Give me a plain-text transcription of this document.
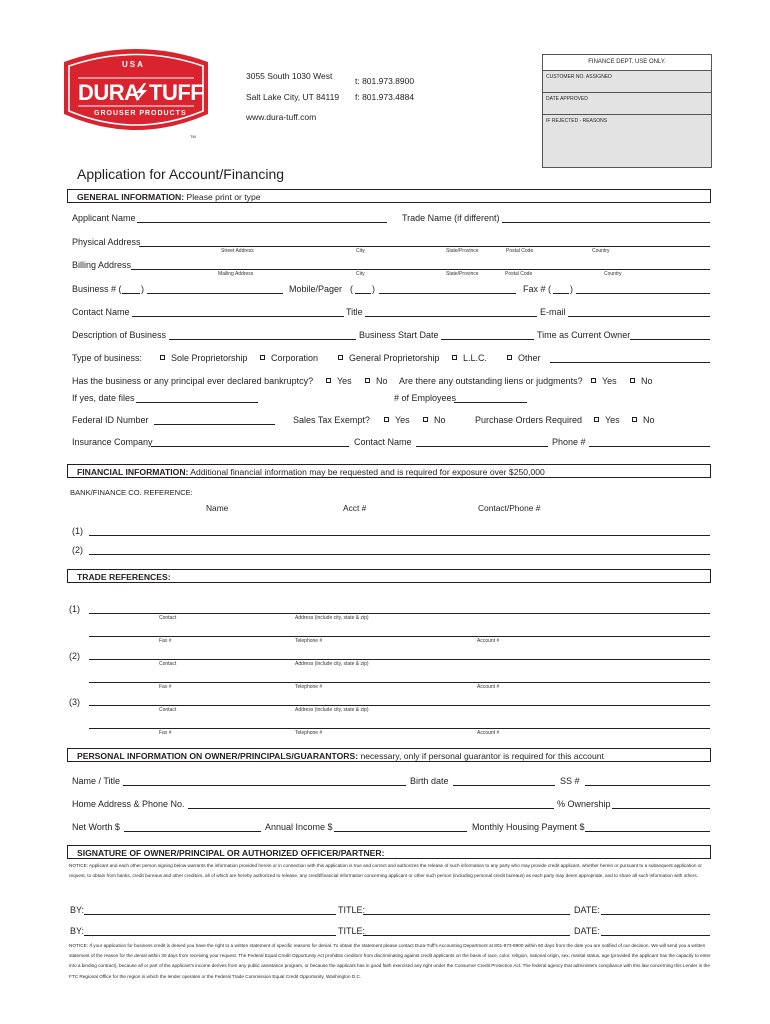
USA
DURA TUFF
GROUSER PRODUCTS
TM
3055 South 1030 West
Salt Lake City, UT 84119
www.dura-tuff.com
t: 801.973.8900
f: 801.973.4884
FINANCE DEPT. USE ONLY.
CUSTOMER NO. ASSIGNED
DATE APPROVED
IF REJECTED - REASONS
Application for Account/Financing
GENERAL INFORMATION: Please print or type
Applicant Name	Trade Name (if different)
Physical Address
Street Address	City	State/Province	Postal Code	Country
Billing Address
Mailing Address	City	State/Province	Postal Code	Country
Business # ( )	Mobile/Pager ( )	Fax # ( )
Contact Name	Title	E-mail
Description of Business	Business Start Date	Time as Current Owner
Type of business:	Sole Proprietorship	Corporation	General Proprietorship	L.L.C.	Other
Has the business or any principal ever declared bankruptcy?	Yes	No Are there any outstanding liens or judgments?	Yes	No
If yes, date files	# of Employees
Federal ID Number	Sales Tax Exempt?	Yes	No	Purchase Orders Required	Yes	No
Insurance Company	Contact Name	Phone #
FINANCIAL INFORMATION: Additional financial information may be requested and is required for exposure over $250,000
BANK/FINANCE CO. REFERENCE:
Name	Acct #	Contact/Phone #
(1)
(2)
TRADE REFERENCES:
(1)
Contact	Address (include city, state & zip)
Fax #	Telephone #	Account #
(2)
Contact	Address (include city, state & zip)
Fax #	Telephone #	Account #
(3)
Contact	Address (include city, state & zip)
Fax #	Telephone #	Account #
PERSONAL INFORMATION ON OWNER/PRINCIPALS/GUARANTORS: necessary, only if personal guarantor is required for this account
Name / Title	Birth date	SS #
Home Address & Phone No.	% Ownership
Net Worth $	Annual Income $	Monthly Housing Payment $
SIGNATURE OF OWNER/PRINCIPAL OR AUTHORIZED OFFICER/PARTNER:
NOTICE: Applicant and each other person signing below warrants the information provided herein or in connection with this application is true and correct and authorizes the release of such information to any party who may provide credit applicant, whether herein or pursuant to a subsequent application or request, to obtain from banks, credit bureaus and other creditors, all of which are hereby authorized to release, any credit/financial information concerning applicant or other such person (including personal credit bureaus) as each party may deem appropriate, and to share all such information with others.
BY:	TITLE:	DATE:
BY:	TITLE:	DATE:
NOTICE: If your application for business credit is denied you have the right to a written statement of specific reasons for denial. To obtain the statement please contact Dura-Tuff's Accounting Department at 801-973-8900 within 60 days from the date you are notified of our decision. We will send you a written statement of the reason for the denial within 30 days from receiving your request. The Federal Equal Credit Opportunity Act prohibits creditors from discriminating against credit applicants on the basis of race, color, religion, national origin, sex, marital status, age (provided the applicant has the capacity to enter into a binding contract), because all or part of the applicant's income derives from any public assistance program, or because the applicant has in good faith exercised any right under the Consumer Credit Protection Act. The federal agency that administers compliance with this law concerning this Lender is the FTC Regional Office for the region in which the lender operates or the Federal Trade Commission Equal Credit Opportunity, Washington D.C.
